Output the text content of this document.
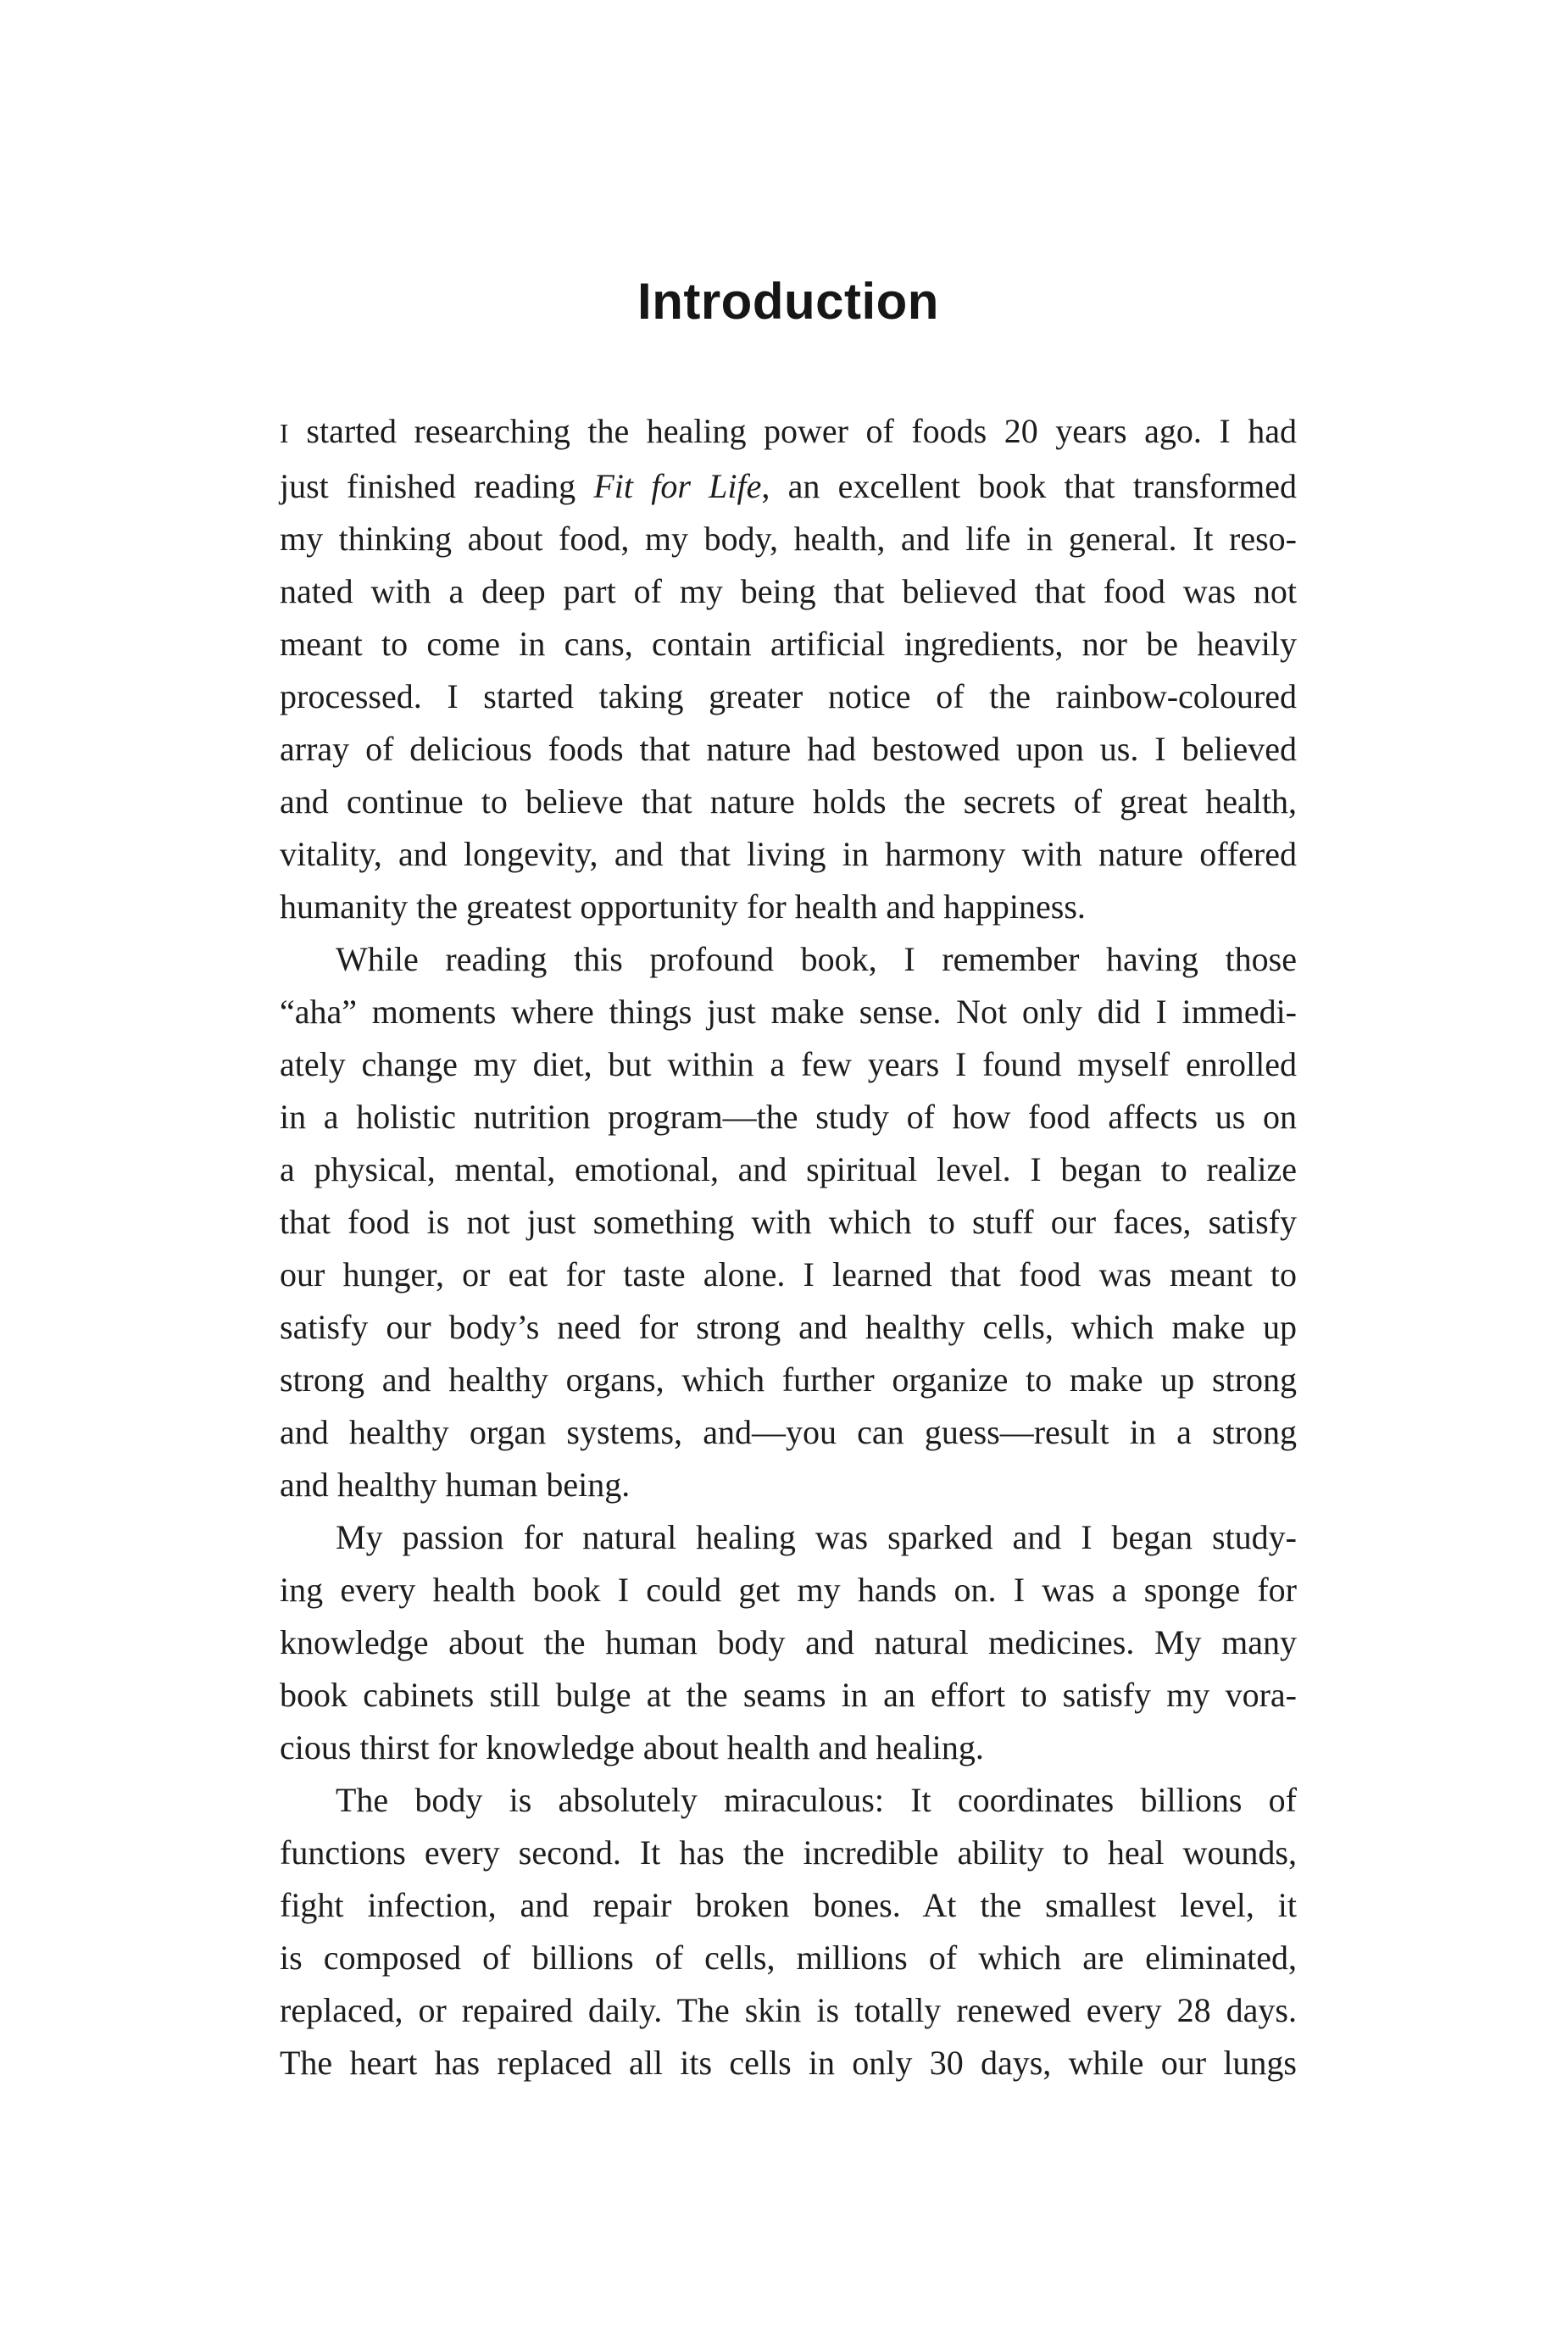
Introduction
I started researching the healing power of foods 20 years ago. I had
just finished reading Fit for Life, an excellent book that transformed
my thinking about food, my body, health, and life in general. It reso-
nated with a deep part of my being that believed that food was not
meant to come in cans, contain artificial ingredients, nor be heavily
processed. I started taking greater notice of the rainbow-coloured
array of delicious foods that nature had bestowed upon us. I believed
and continue to believe that nature holds the secrets of great health,
vitality, and longevity, and that living in harmony with nature offered
humanity the greatest opportunity for health and happiness.
While reading this profound book, I remember having those
“aha” moments where things just make sense. Not only did I immedi-
ately change my diet, but within a few years I found myself enrolled
in a holistic nutrition program—the study of how food affects us on
a physical, mental, emotional, and spiritual level. I began to realize
that food is not just something with which to stuff our faces, satisfy
our hunger, or eat for taste alone. I learned that food was meant to
satisfy our body’s need for strong and healthy cells, which make up
strong and healthy organs, which further organize to make up strong
and healthy organ systems, and—you can guess—result in a strong
and healthy human being.
My passion for natural healing was sparked and I began study-
ing every health book I could get my hands on. I was a sponge for
knowledge about the human body and natural medicines. My many
book cabinets still bulge at the seams in an effort to satisfy my vora-
cious thirst for knowledge about health and healing.
The body is absolutely miraculous: It coordinates billions of
functions every second. It has the incredible ability to heal wounds,
fight infection, and repair broken bones. At the smallest level, it
is composed of billions of cells, millions of which are eliminated,
replaced, or repaired daily. The skin is totally renewed every 28 days.
The heart has replaced all its cells in only 30 days, while our lungs
